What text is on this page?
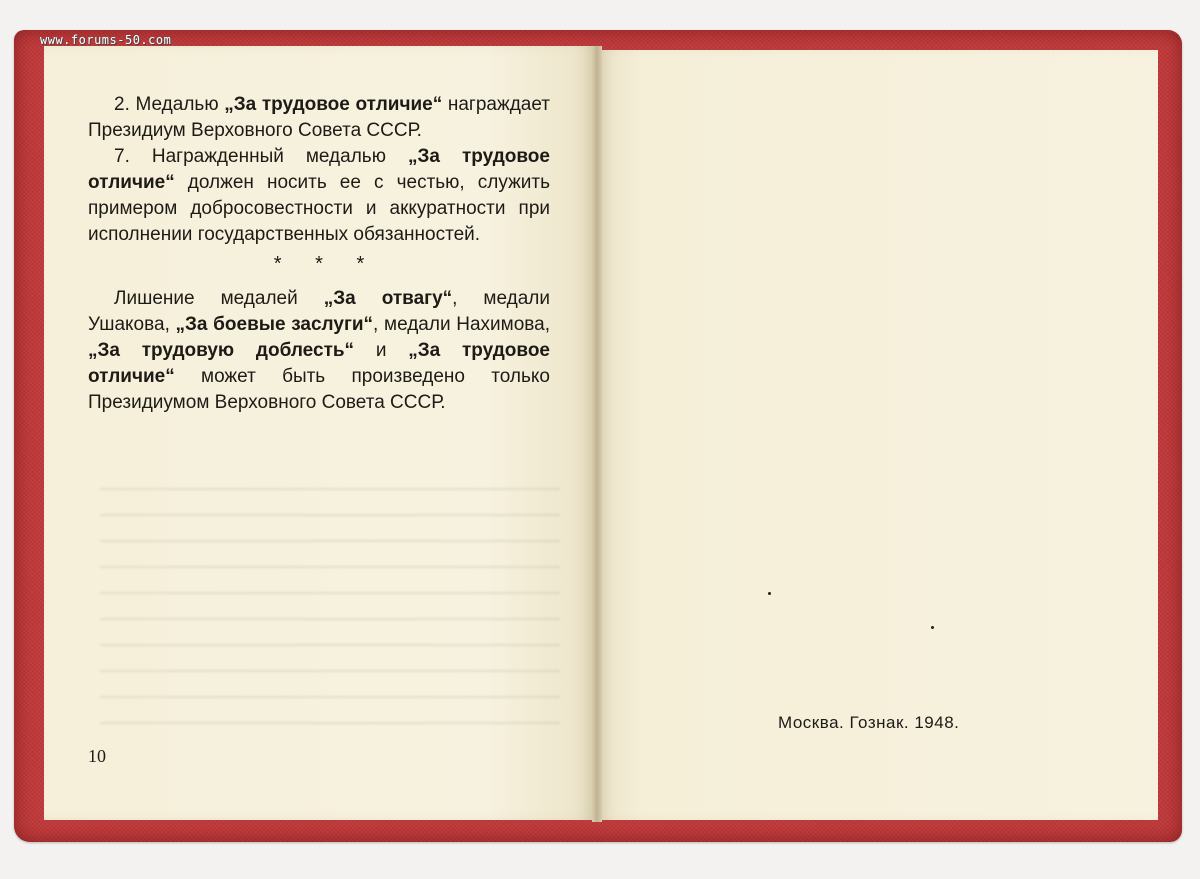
www.forums-50.com

2. Медалью „За трудовое отличие“ награждает Президиум Верховного Совета СССР.

7. Награжденный медалью „За трудовое отличие“ должен носить ее с честью, служить примером добросовестности и аккуратности при исполнении государственных обязанностей.

* * *

Лишение медалей „За отвагу“, медали Ушакова, „За боевые заслуги“, медали Нахимова, „За трудовую доблесть“ и „За трудовое отличие“ может быть произведено только Президиумом Верховного Совета СССР.

10
Москва. Гознак. 1948.
